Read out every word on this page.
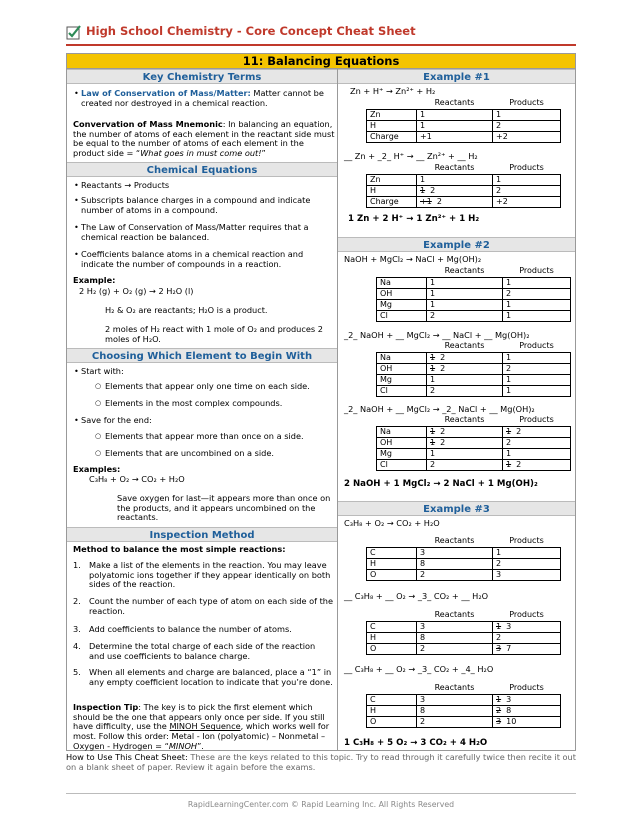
High School Chemistry - Core Concept Cheat Sheet
11: Balancing Equations
Key Chemistry Terms
• Law of Conservation of Mass/Matter: Matter cannot be created nor destroyed in a chemical reaction.
Convervation of Mass Mnemonic: In balancing an equation, the number of atoms of each element in the reactant side must be equal to the number of atoms of each element in the product side = “What goes in must come out!”
Chemical Equations
• Reactants → Products
• Subscripts balance charges in a compound and indicate number of atoms in a compound.
• The Law of Conservation of Mass/Matter requires that a chemical reaction be balanced.
• Coefficients balance atoms in a chemical reaction and indicate the number of compounds in a reaction.
Example:
2 H₂ (g) + O₂ (g) → 2 H₂O (l)
H₂ & O₂ are reactants; H₂O is a product.
2 moles of H₂ react with 1 mole of O₂ and produces 2 moles of H₂O.
Choosing Which Element to Begin With
• Start with:
○ Elements that appear only one time on each side.
○ Elements in the most complex compounds.
• Save for the end:
○ Elements that appear more than once on a side.
○ Elements that are uncombined on a side.
Examples:
C₃H₈ + O₂ → CO₂ + H₂O
Save oxygen for last—it appears more than once on the products, and it appears uncombined on the reactants.
Inspection Method
Method to balance the most simple reactions:
1. Make a list of the elements in the reaction. You may leave polyatomic ions together if they appear identically on both sides of the reaction.
2. Count the number of each type of atom on each side of the reaction.
3. Add coefficients to balance the number of atoms.
4. Determine the total charge of each side of the reaction and use coefficients to balance charge.
5. When all elements and charge are balanced, place a “1” in any empty coefficient location to indicate that you’re done.
Inspection Tip: The key is to pick the first element which should be the one that appears only once per side. If you still have difficulty, use the MINOH Sequence, which works well for most. Follow this order: Metal - Ion (polyatomic) – Nonmetal – Oxygen - Hydrogen = “MINOH”.
Example #1
Zn + H⁺ → Zn²⁺ + H₂
	Reactants	Products
Zn	1	1
H	1	2
Charge	+1	+2
__ Zn + _2_ H⁺ → __ Zn²⁺ + __ H₂
	Reactants	Products
Zn	1	1
H	1  2	2
Charge	+1  2	+2
1 Zn + 2 H⁺ → 1 Zn²⁺ + 1 H₂
Example #2
NaOH + MgCl₂ → NaCl + Mg(OH)₂
	Reactants	Products
Na	1	1
OH	1	2
Mg	1	1
Cl	2	1
_2_ NaOH + __ MgCl₂ → __ NaCl + __ Mg(OH)₂
	Reactants	Products
Na	1  2	1
OH	1  2	2
Mg	1	1
Cl	2	1
_2_ NaOH + __ MgCl₂ → _2_ NaCl + __ Mg(OH)₂
	Reactants	Products
Na	1  2	1  2
OH	1  2	2
Mg	1	1
Cl	2	1  2
2 NaOH + 1 MgCl₂ → 2 NaCl + 1 Mg(OH)₂
Example #3
C₃H₈ + O₂ → CO₂ + H₂O
	Reactants	Products
C	3	1
H	8	2
O	2	3
__ C₃H₈ + __ O₂ → _3_ CO₂ + __ H₂O
	Reactants	Products
C	3	1  3
H	8	2
O	2	3  7
__ C₃H₈ + __ O₂ → _3_ CO₂ + _4_ H₂O
	Reactants	Products
C	3	1  3
H	8	2  8
O	2	3  10
1 C₃H₈ + 5 O₂ → 3 CO₂ + 4 H₂O
How to Use This Cheat Sheet: These are the keys related to this topic. Try to read through it carefully twice then recite it out on a blank sheet of paper. Review it again before the exams.
RapidLearningCenter.com © Rapid Learning Inc. All Rights Reserved
